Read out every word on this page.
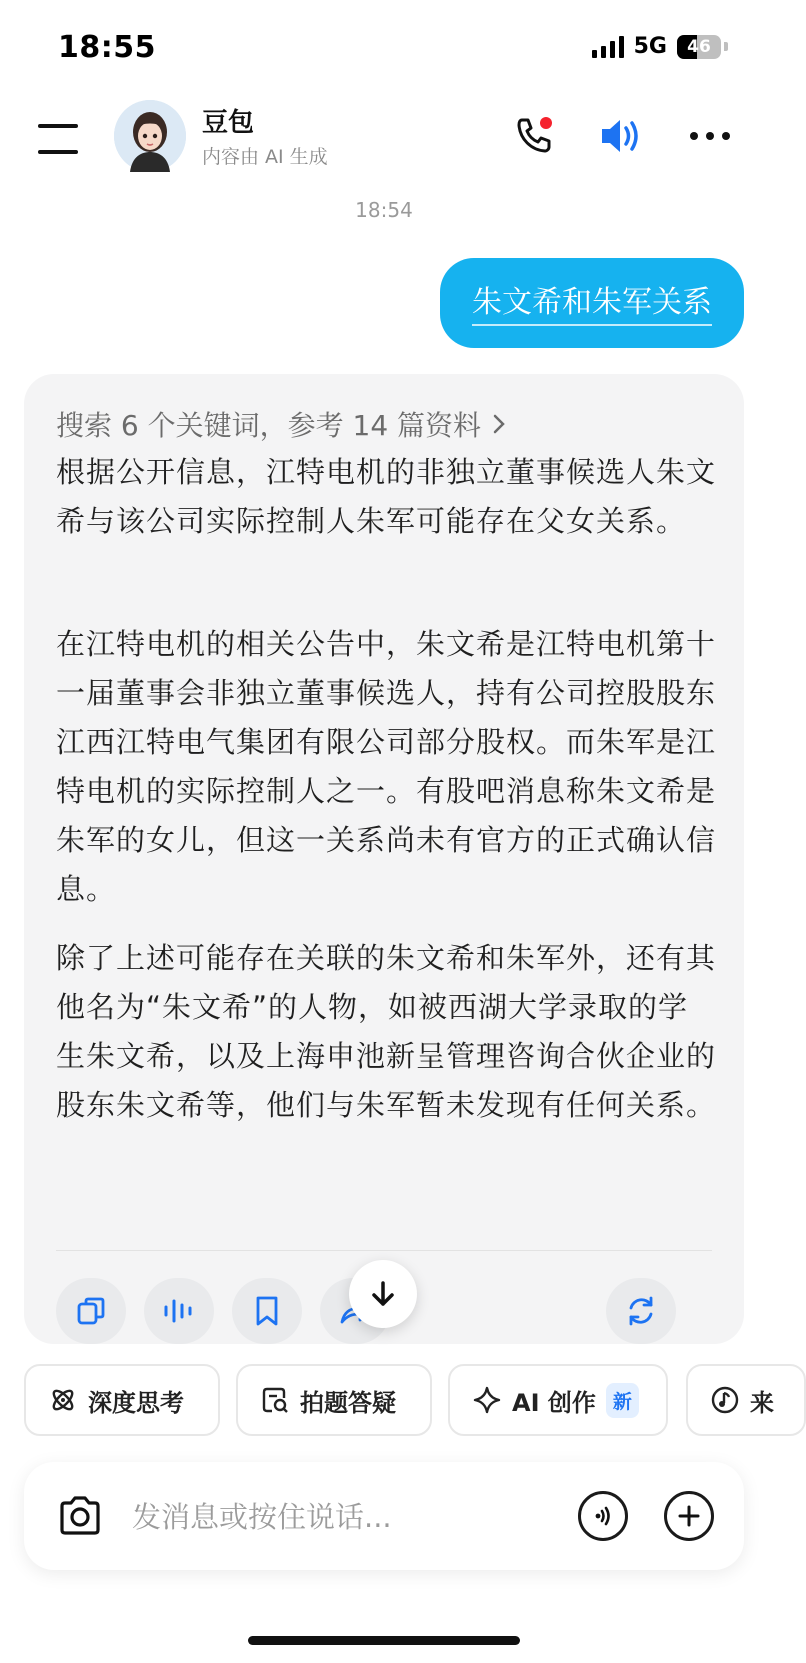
18:55	5G	46
豆包
内容由 AI 生成
18:54
朱文希和朱军关系
搜索 6 个关键词，参考 14 篇资料
根据公开信息，江特电机的非独立董事候选人朱文希与该公司实际控制人朱军可能存在父女关系。
在江特电机的相关公告中，朱文希是江特电机第十一届董事会非独立董事候选人，持有公司控股股东江西江特电气集团有限公司部分股权。而朱军是江特电机的实际控制人之一。有股吧消息称朱文希是朱军的女儿，但这一关系尚未有官方的正式确认信息。
除了上述可能存在关联的朱文希和朱军外，还有其他名为“朱文希”的人物，如被西湖大学录取的学生朱文希，以及上海申池新呈管理咨询合伙企业的股东朱文希等，他们与朱军暂未发现有任何关系。
深度思考	拍题答疑	AI 创作 新	来
发消息或按住说话...
